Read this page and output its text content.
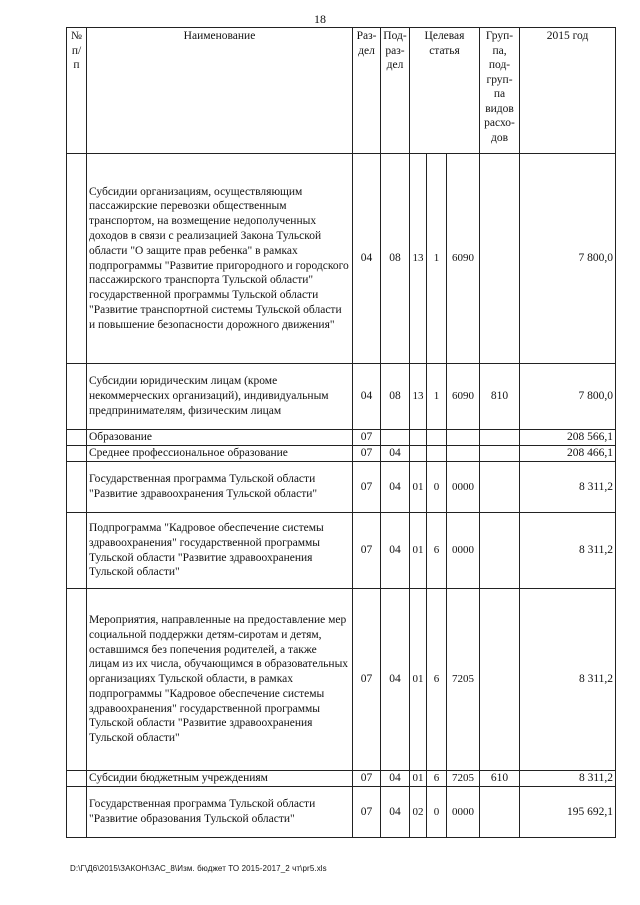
18
№ п/п	Наименование	Раз-дел	Под-раз-дел	Целевая статья			Груп-па, под-груп-па видов расхо-дов	2015 год
	Субсидии организациям, осуществляющим пассажирские перевозки общественным транспортом, на возмещение недополученных доходов в связи с реализацией Закона Тульской области "О защите прав ребенка" в рамках подпрограммы "Развитие пригородного и городского пассажирского транспорта Тульской области" государственной программы Тульской области "Развитие транспортной системы Тульской области и повышение безопасности дорожного движения"	04	08	13	1	6090		7 800,0
	Субсидии юридическим лицам (кроме некоммерческих организаций), индивидуальным предпринимателям, физическим лицам	04	08	13	1	6090	810	7 800,0
	Образование	07						208 566,1
	Среднее профессиональное образование	07	04					208 466,1
	Государственная программа Тульской области "Развитие здравоохранения Тульской области"	07	04	01	0	0000		8 311,2
	Подпрограмма "Кадровое обеспечение системы здравоохранения" государственной программы Тульской области "Развитие здравоохранения Тульской области"	07	04	01	6	0000		8 311,2
	Мероприятия, направленные на предоставление мер социальной поддержки детям-сиротам и детям, оставшимся без попечения родителей, а также лицам из их числа, обучающимся в образовательных организациях Тульской области, в рамках подпрограммы "Кадровое обеспечение системы здравоохранения" государственной программы Тульской области "Развитие здравоохранения Тульской области"	07	04	01	6	7205		8 311,2
	Субсидии бюджетным учреждениям	07	04	01	6	7205	610	8 311,2
	Государственная программа Тульской области "Развитие образования Тульской области"	07	04	02	0	0000		195 692,1
D:\Г\Д6\2015\ЗАКОН\ЗАС_8\Изм. бюджет ТО 2015-2017_2 чт\pr5.xls
